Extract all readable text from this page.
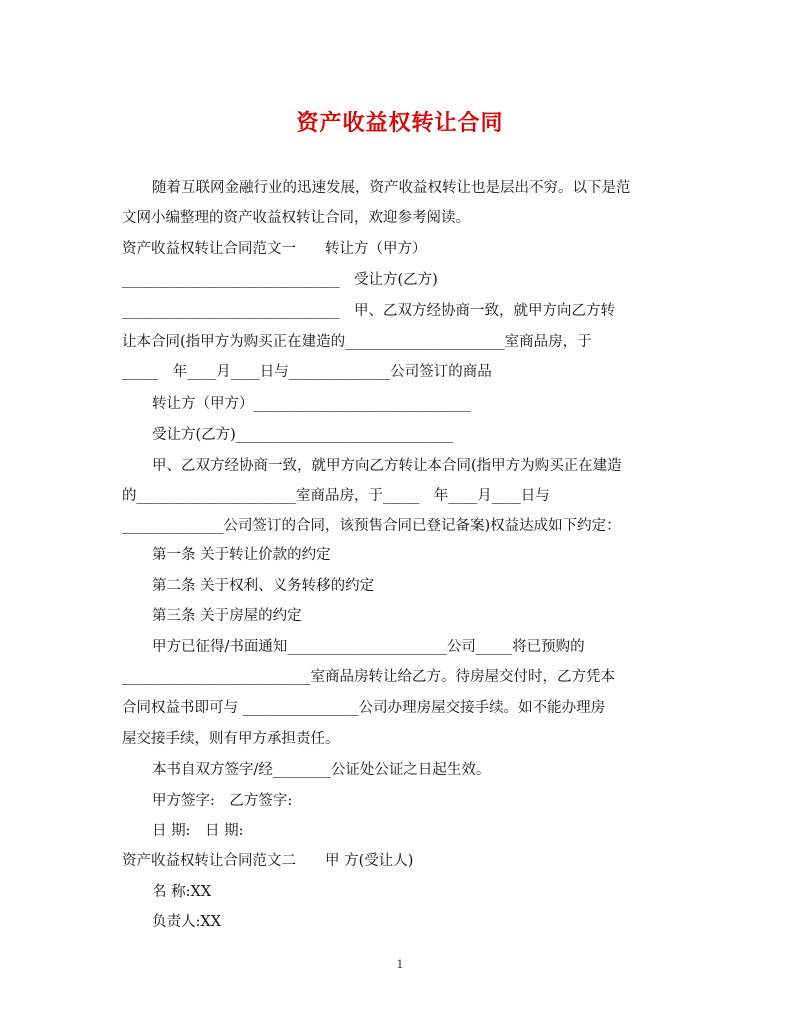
资产收益权转让合同
随着互联网金融行业的迅速发展，资产收益权转让也是层出不穷。以下是范
文网小编整理的资产收益权转让合同，欢迎参考阅读。
资产收益权转让合同范文一　　转让方（甲方）
______________________________　受让方(乙方)
______________________________　甲、乙双方经协商一致，就甲方向乙方转
让本合同(指甲方为购买正在建造的______________________室商品房，于
_____　年____月____日与______________公司签订的商品
转让方（甲方）______________________________
受让方(乙方)______________________________
甲、乙双方经协商一致，就甲方向乙方转让本合同(指甲方为购买正在建造
的______________________室商品房，于_____　年____月____日与
______________公司签订的合同，该预售合同已登记备案)权益达成如下约定：
第一条 关于转让价款的约定
第二条 关于权利、义务转移的约定
第三条 关于房屋的约定
甲方已征得/书面通知______________________公司_____将已预购的
__________________________室商品房转让给乙方。待房屋交付时，乙方凭本
合同权益书即可与 ________________公司办理房屋交接手续。如不能办理房
屋交接手续，则有甲方承担责任。
本书自双方签字/经________公证处公证之日起生效。
甲方签字:　乙方签字:
日 期:　日 期:
资产收益权转让合同范文二　　甲 方(受让人)
名 称:XX
负责人:XX
1
